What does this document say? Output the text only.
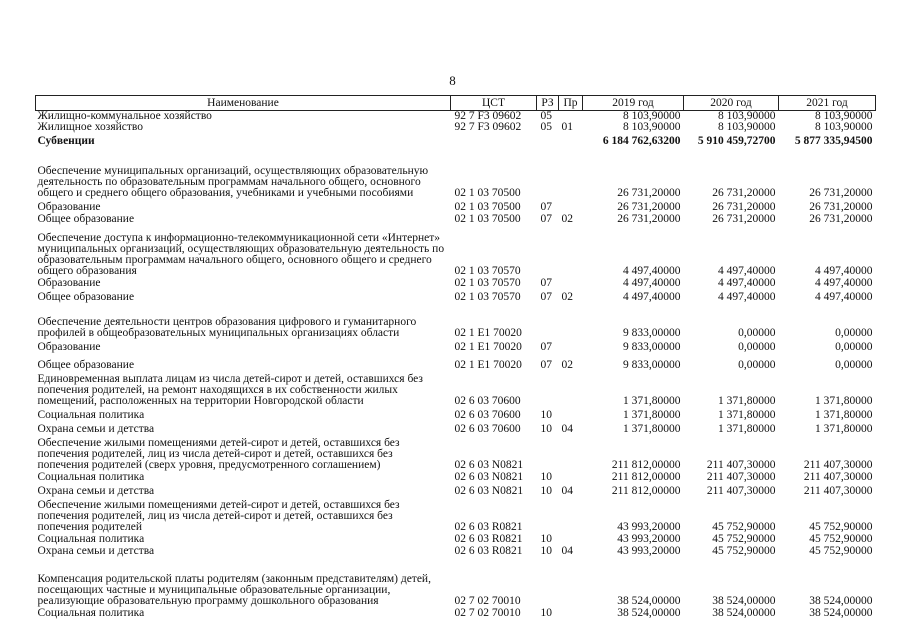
8
Наименование	ЦСТ	РЗ	Пр	2019 год	2020 год	2021 год
Жилищно-коммунальное хозяйство	92 7 F3 09602	05		8 103,90000	8 103,90000	8 103,90000
Жилищное хозяйство	92 7 F3 09602	05	01	8 103,90000	8 103,90000	8 103,90000
Субвенции				6 184 762,63200	5 910 459,72700	5 877 335,94500
Обеспечение муниципальных организаций, осуществляющих образовательную деятельность по образовательным программам начального общего, основного общего и среднего общего образования, учебниками и учебными пособиями	02 1 03 70500			26 731,20000	26 731,20000	26 731,20000
Образование	02 1 03 70500	07		26 731,20000	26 731,20000	26 731,20000
Общее образование	02 1 03 70500	07	02	26 731,20000	26 731,20000	26 731,20000
Обеспечение доступа к информационно-телекоммуникационной сети «Интернет» муниципальных организаций, осуществляющих образовательную деятельность по образовательным программам начального общего, основного общего и среднего общего образования	02 1 03 70570			4 497,40000	4 497,40000	4 497,40000
Образование	02 1 03 70570	07		4 497,40000	4 497,40000	4 497,40000
Общее образование	02 1 03 70570	07	02	4 497,40000	4 497,40000	4 497,40000
Обеспечение деятельности центров образования цифрового и гуманитарного профилей в общеобразовательных муниципальных организациях области	02 1 E1 70020			9 833,00000	0,00000	0,00000
Образование	02 1 E1 70020	07		9 833,00000	0,00000	0,00000
Общее образование	02 1 E1 70020	07	02	9 833,00000	0,00000	0,00000
Единовременная выплата лицам из числа детей-сирот и детей, оставшихся без попечения родителей, на ремонт находящихся в их собственности жилых помещений, расположенных на территории Новгородской области	02 6 03 70600			1 371,80000	1 371,80000	1 371,80000
Социальная политика	02 6 03 70600	10		1 371,80000	1 371,80000	1 371,80000
Охрана семьи и детства	02 6 03 70600	10	04	1 371,80000	1 371,80000	1 371,80000
Обеспечение жилыми помещениями детей-сирот и детей, оставшихся без попечения родителей, лиц из числа детей-сирот и детей, оставшихся без попечения родителей (сверх уровня, предусмотренного соглашением)	02 6 03 N0821			211 812,00000	211 407,30000	211 407,30000
Социальная политика	02 6 03 N0821	10		211 812,00000	211 407,30000	211 407,30000
Охрана семьи и детства	02 6 03 N0821	10	04	211 812,00000	211 407,30000	211 407,30000
Обеспечение жилыми помещениями детей-сирот и детей, оставшихся без попечения родителей, лиц из числа детей-сирот и детей, оставшихся без попечения родителей	02 6 03 R0821			43 993,20000	45 752,90000	45 752,90000
Социальная политика	02 6 03 R0821	10		43 993,20000	45 752,90000	45 752,90000
Охрана семьи и детства	02 6 03 R0821	10	04	43 993,20000	45 752,90000	45 752,90000
Компенсация родительской платы родителям (законным представителям) детей, посещающих частные и муниципальные образовательные организации, реализующие образовательную программу дошкольного образования	02 7 02 70010			38 524,00000	38 524,00000	38 524,00000
Социальная политика	02 7 02 70010	10		38 524,00000	38 524,00000	38 524,00000
